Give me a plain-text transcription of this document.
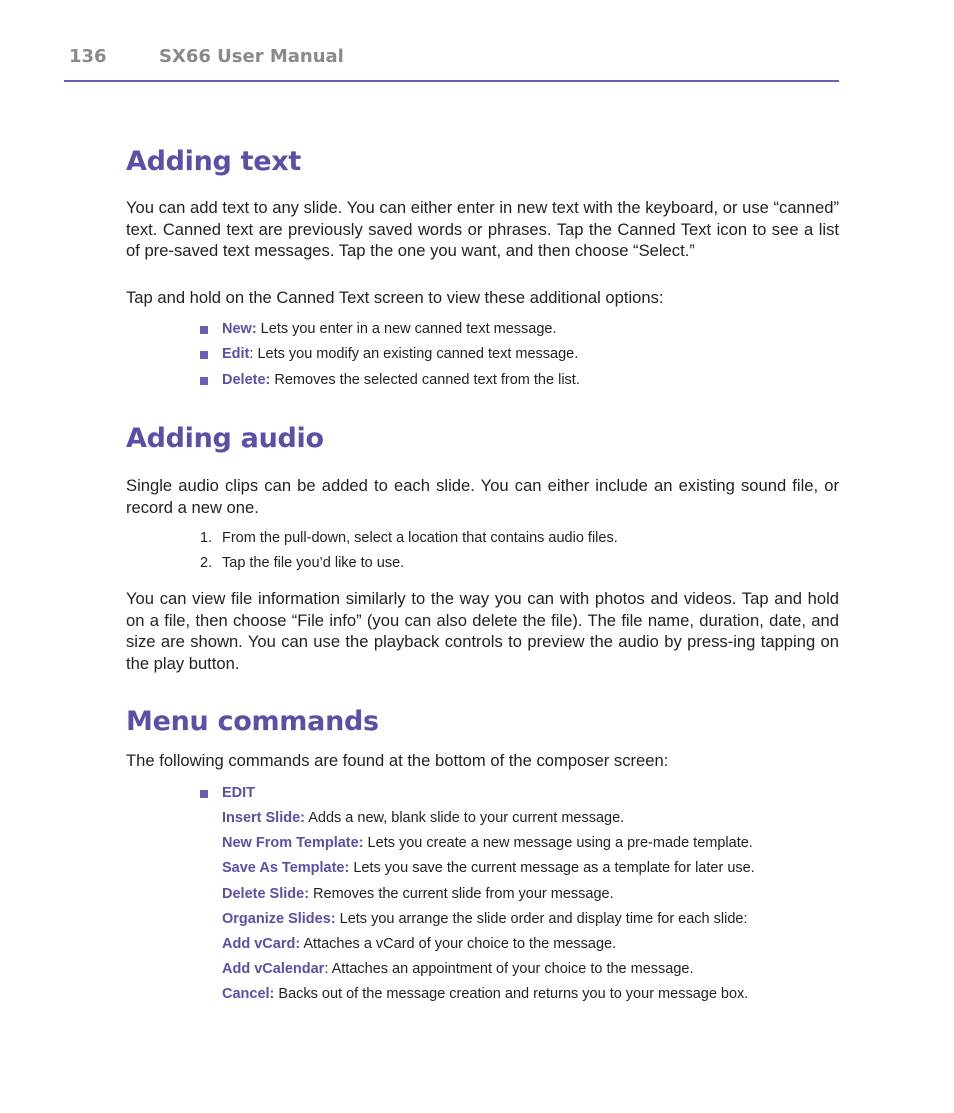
136	SX66 User Manual
Adding text

You can add text to any slide. You can either enter in new text with the keyboard, or use “canned” text. Canned text are previously saved words or phrases. Tap the Canned Text icon to see a list of pre-saved text messages. Tap the one you want, and then choose “Select.”

Tap and hold on the Canned Text screen to view these additional options:

New: Lets you enter in a new canned text message.
Edit: Lets you modify an existing canned text message.
Delete: Removes the selected canned text from the list.
Adding audio

Single audio clips can be added to each slide. You can either include an existing sound file, or record a new one.

1. From the pull-down, select a location that contains audio files.
2. Tap the file you’d like to use.

You can view file information similarly to the way you can with photos and videos. Tap and hold on a file, then choose “File info” (you can also delete the file). The file name, duration, date, and size are shown. You can use the playback controls to preview the audio by press-ing tapping on the play button.

Menu commands

The following commands are found at the bottom of the composer screen:

EDIT
Insert Slide: Adds a new, blank slide to your current message.
New From Template: Lets you create a new message using a pre-made template.
Save As Template: Lets you save the current message as a template for later use.
Delete Slide: Removes the current slide from your message.
Organize Slides: Lets you arrange the slide order and display time for each slide:
Add vCard: Attaches a vCard of your choice to the message.
Add vCalendar: Attaches an appointment of your choice to the message.
Cancel: Backs out of the message creation and returns you to your message box.
